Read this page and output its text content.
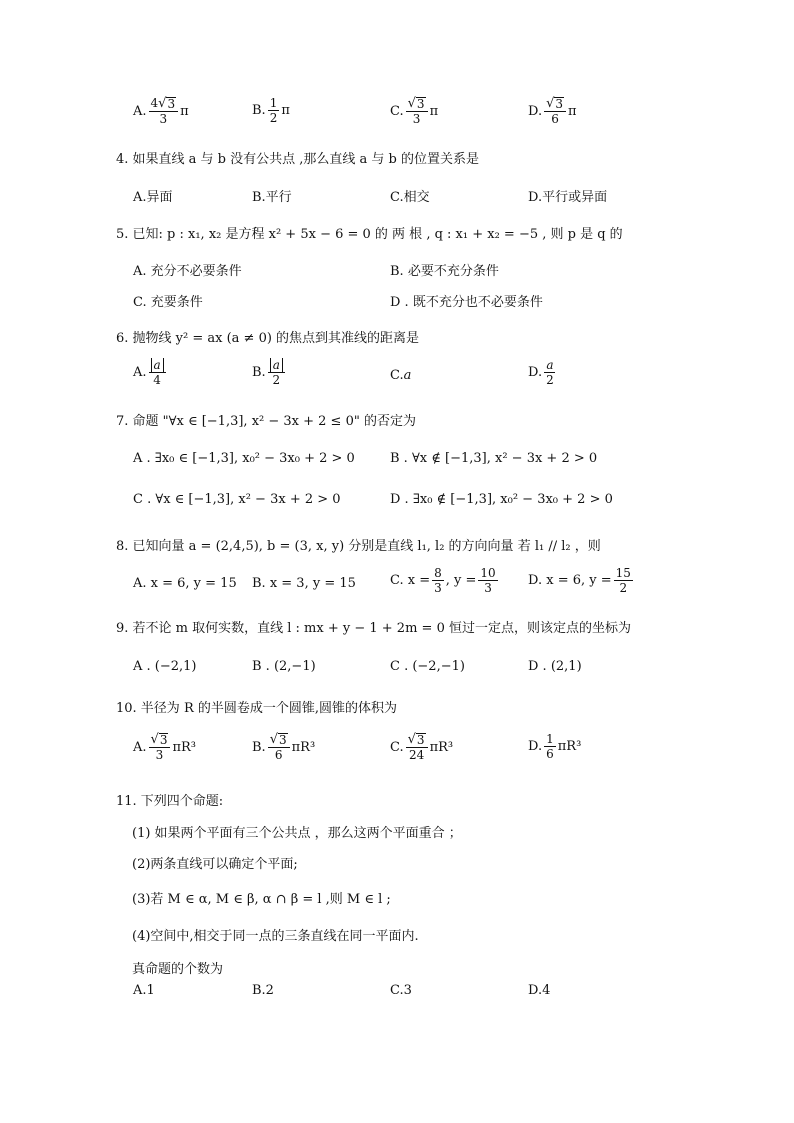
A. $\frac{4 √ 3}{3}$ π	B. $\frac{1}{2}$ π	C. $\frac{√ 3}{3}$ π	D. $\frac{√ 3}{6}$ π
4. 如果直线 a 与 b 没有公共点 ,那么直线 a 与 b 的位置关系是
A.异面	B.平行	C.相交	D.平行或异面
5. 已知: p : x₁, x₂ 是方程 x² + 5x − 6 = 0 的 两 根 , q : x₁ + x₂ = −5 , 则 p 是 q 的
A. 充分不必要条件	B. 必要不充分条件
C. 充要条件	D . 既不充分也不必要条件
6. 抛物线 y² = ax (a ≠ 0) 的焦点到其准线的距离是
A. $\frac{a}{4}$	B. $\frac{a}{2}$	C. a	D. $\frac{a}{2}$
7. 命题 "∀x ∈ [−1,3], x² − 3x + 2 ≤ 0" 的否定为
A . ∃x₀ ∈ [−1,3], x₀² − 3x₀ + 2 > 0	B . ∀x ∉ [−1,3], x² − 3x + 2 > 0
C . ∀x ∈ [−1,3], x² − 3x + 2 > 0	D . ∃x₀ ∉ [−1,3], x₀² − 3x₀ + 2 > 0
8. 已知向量 a = (2,4,5), b = (3, x, y) 分别是直线 l₁, l₂ 的方向向量 若 l₁ // l₂ ，则
A. x = 6, y = 15 B. x = 3, y = 15	C. $x = \frac{8}{3}$ , $y = \frac{10}{3} D$. x = 6, $y = \frac{15}{2}$
9. 若不论 m 取何实数，直线 l : mx + y − 1 + 2m = 0 恒过一定点，则该定点的坐标为
A . (−2,1)	B . (2,−1)	C . (−2,−1)	D . (2,1)
10. 半径为 R 的半圆卷成一个圆锥,圆锥的体积为
A. $\frac{√ 3}{3} \pi R^3$	B. $\frac{√ 3}{6} \pi R^3$	C. $\frac{√ 3}{24} \pi R^3$	D. $\frac{1}{6} \pi R^3$
11. 下列四个命题:
(1) 如果两个平面有三个公共点 ，那么这两个平面重合 ；
(2)两条直线可以确定个平面;
(3)若 M ∈ α, M ∈ β, α ∩ β = l ,则 M ∈ l ;
(4)空间中,相交于同一点的三条直线在同一平面内.
真命题的个数为
A.1	B.2	C.3	D.4
